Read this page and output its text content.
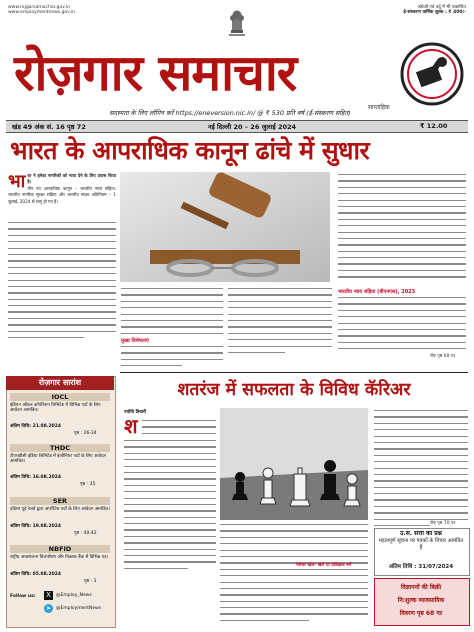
www.rojgarsamachar.gov.in
www.employmentnews.gov.in
अंग्रेजी एवं उर्दू में भी प्रकाशित
ई-संस्करण वार्षिक शुल्क : ₹ 400/-
रोज़गार समाचार
साप्ताहिक
सदस्यता के लिए लॉगिन करें https://eneversion.nic.in/ @ ₹ 530 प्रति वर्ष (ई-संस्करण सहित)
खंड 49 अंक सं. 16 पृष्ठ 72	नई दिल्ली 20 – 26 जुलाई 2024	₹ 12.00
भारत के आपराधिक कानून ढांचे में सुधार
भा रत ने हमेशा नागरिकों को न्याय देने के लिए प्रयास किया है।
तीन नए आपराधिक कानून – भारतीय न्याय संहिता, भारतीय नागरिक सुरक्षा संहिता और भारतीय साक्ष्य अधिनियम – 1 जुलाई, 2024 से लागू हो गए हैं।
मुख्य विशेषताएं
भारतीय न्याय संहिता (बीएनएस), 2023
शेष पृष्ठ 69 पर
रोज़गार सारांश
IOCL
इंडियन ऑयल कॉर्पोरेशन लिमिटेड में विभिन्न पदों के लिए आवेदन आमंत्रित।
अंतिम तिथि: 21.08.2024
पृष्ठ : 26-34
THDC
टीएचडीसी इंडिया लिमिटेड में इंजीनियर पदों के लिए आवेदन आमंत्रित।
अंतिम तिथि: 16.08.2024
पृष्ठ : 35
SER
दक्षिण पूर्व रेलवे द्वारा अपरेंटिस पदों के लिए आवेदन आमंत्रित।
अंतिम तिथि: 19.08.2024
पृष्ठ : 40-42
NBFID
राष्ट्रीय अवसंरचना वित्तपोषण और विकास बैंक में विभिन्न पद।
अंतिम तिथि: 05.08.2024
पृष्ठ : 3
Follow us: X	@Employ_News
➤	@EmploymentNews
शतरंज में सफलता के विविध कॅरिअर
ज्योति तिवारी
श
पेशेवर खेल: खेलें या प्रशिक्षक बनें
शेष पृष्ठ 70 पर
उ.स. सत्ता का प्रश्न
महत्वपूर्ण सूचना पर पत्रकों के विचार आमंत्रित हैं
अंतिम तिथि : 31/07/2024
विज्ञापनों की बिक्री
नि:शुल्क व्यावसायिक
विवरण पृष्ठ 68 पर
